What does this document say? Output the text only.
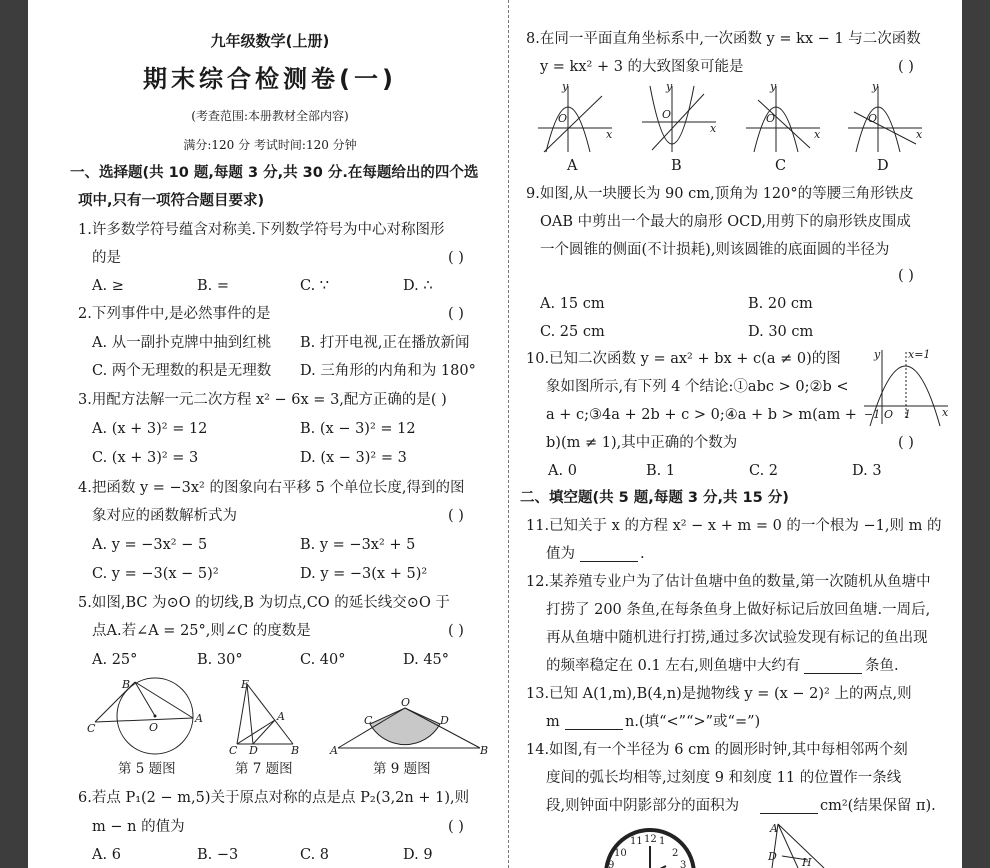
九年级数学(上册)
期末综合检测卷(一)
(考查范围:本册教材全部内容)
满分:120 分 考试时间:120 分钟
一、选择题(共 10 题,每题 3 分,共 30 分.在每题给出的四个选
项中,只有一项符合题目要求)
1.许多数学符号蕴含对称美.下列数学符号为中心对称图形
的是	( )
A. ≥	B. =	C. ∵	D. ∴
2.下列事件中,是必然事件的是	( )
A. 从一副扑克牌中抽到红桃 B. 打开电视,正在播放新闻
C. 两个无理数的积是无理数 D. 三角形的内角和为 180°
3.用配方法解一元二次方程 x² − 6x = 3,配方正确的是( )
A. (x + 3)² = 12	B. (x − 3)² = 12
C. (x + 3)² = 3	D. (x − 3)² = 3
4.把函数 y = −3x² 的图象向右平移 5 个单位长度,得到的图
象对应的函数解析式为	( )
A. y = −3x² − 5	B. y = −3x² + 5
C. y = −3(x − 5)²	D. y = −3(x + 5)²
5.如图,BC 为⊙O 的切线,B 为切点,CO 的延长线交⊙O 于
点A.若∠A = 25°,则∠C 的度数是	( )
A. 25°	B. 30°	C. 40°	D. 45°
B
C	O
A
第 5 题图
E
A
C D	B
第 7 题图
O
C	D
A	B
第 9 题图
6.若点 P₁(2 − m,5)关于原点对称的点是点 P₂(3,2n + 1),则
m − n 的值为	( )
A. 6	B. −3	C. 8	D. 9
8.在同一平面直角坐标系中,一次函数 y = kx − 1 与二次函数
y = kx² + 3 的大致图象可能是	( )
y
x
O
y
x
O
y
x
O
y
x
O
A	B	C	D
9.如图,从一块腰长为 90 cm,顶角为 120°的等腰三角形铁皮
OAB 中剪出一个最大的扇形 OCD,用剪下的扇形铁皮围成
一个圆锥的侧面(不计损耗),则该圆锥的底面圆的半径为
( )
A. 15 cm	B. 20 cm
C. 25 cm	D. 30 cm
10.已知二次函数 y = ax² + bx + c(a ≠ 0)的图
象如图所示,有下列 4 个结论:①abc > 0;②b <
a + c;③4a + 2b + c > 0;④a + b > m(am +
b)(m ≠ 1),其中正确的个数为	( )
y	x=1
x
−1 O 1
A. 0	B. 1	C. 2	D. 3
二、填空题(共 5 题,每题 3 分,共 15 分)
11.已知关于 x 的方程 x² − x + m = 0 的一个根为 −1,则 m 的
值为	.
12.某养殖专业户为了估计鱼塘中鱼的数量,第一次随机从鱼塘中
打捞了 200 条鱼,在每条鱼身上做好标记后放回鱼塘.一周后,
再从鱼塘中随机进行打捞,通过多次试验发现有标记的鱼出现
的频率稳定在 0.1 左右,则鱼塘中大约有	条鱼.
13.已知 A(1,m),B(4,n)是抛物线 y = (x − 2)² 上的两点,则
m	n.(填“<”“>”或“=”)
14.如图,有一个半径为 6 cm 的圆形时钟,其中每相邻两个刻
度间的弧长均相等,过刻度 9 和刻度 11 的位置作一条线
段,则钟面中阴影部分的面积为	cm²(结果保留 π).
12
11
10
1
2
9	3
A
D H
